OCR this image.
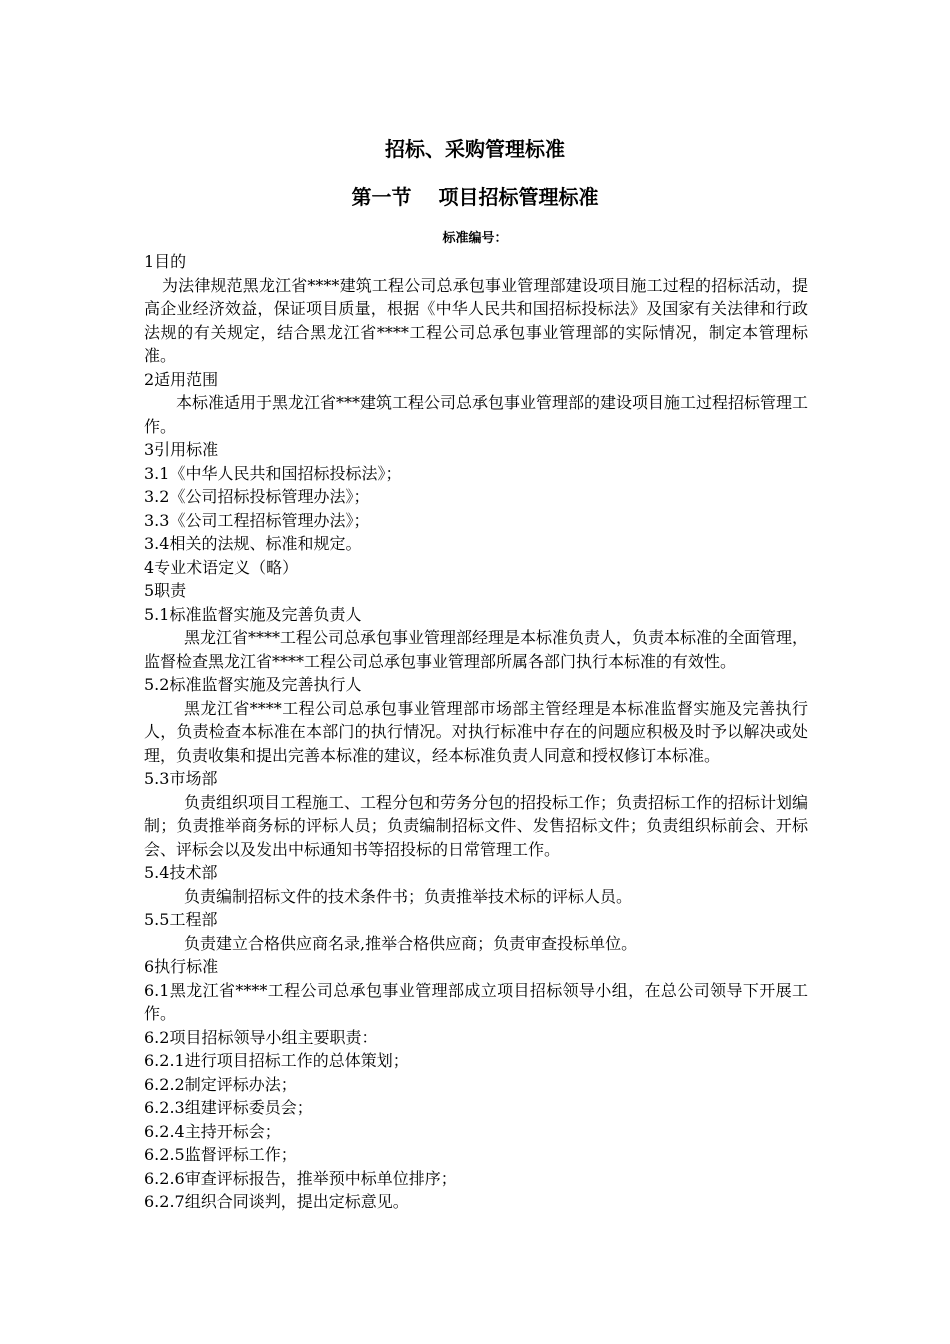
招标、采购管理标准
第一节　 项目招标管理标准
标准编号：

1目的

为法律规范黑龙江省****建筑工程公司总承包事业管理部建设项目施工过程的招标活动，提高企业经济效益，保证项目质量，根据《中华人民共和国招标投标法》及国家有关法律和行政法规的有关规定，结合黑龙江省****工程公司总承包事业管理部的实际情况，制定本管理标准。

2适用范围

本标准适用于黑龙江省***建筑工程公司总承包事业管理部的建设项目施工过程招标管理工作。

3引用标准

3.1《中华人民共和国招标投标法》；

3.2《公司招标投标管理办法》；

3.3《公司工程招标管理办法》；

3.4相关的法规、标准和规定。

4专业术语定义（略）

5职责

5.1标准监督实施及完善负责人

黑龙江省****工程公司总承包事业管理部经理是本标准负责人，负责本标准的全面管理，监督检查黑龙江省****工程公司总承包事业管理部所属各部门执行本标准的有效性。

5.2标准监督实施及完善执行人

黑龙江省****工程公司总承包事业管理部市场部主管经理是本标准监督实施及完善执行人，负责检查本标准在本部门的执行情况。对执行标准中存在的问题应积极及时予以解决或处理，负责收集和提出完善本标准的建议，经本标准负责人同意和授权修订本标准。

5.3市场部

负责组织项目工程施工、工程分包和劳务分包的招投标工作；负责招标工作的招标计划编制；负责推举商务标的评标人员；负责编制招标文件、发售招标文件；负责组织标前会、开标会、评标会以及发出中标通知书等招投标的日常管理工作。

5.4技术部

负责编制招标文件的技术条件书；负责推举技术标的评标人员。

5.5工程部

负责建立合格供应商名录,推举合格供应商；负责审查投标单位。

6执行标准

6.1黑龙江省****工程公司总承包事业管理部成立项目招标领导小组，在总公司领导下开展工作。

6.2项目招标领导小组主要职责：

6.2.1进行项目招标工作的总体策划；

6.2.2制定评标办法；

6.2.3组建评标委员会；

6.2.4主持开标会；

6.2.5监督评标工作；

6.2.6审查评标报告，推举预中标单位排序；

6.2.7组织合同谈判，提出定标意见。
